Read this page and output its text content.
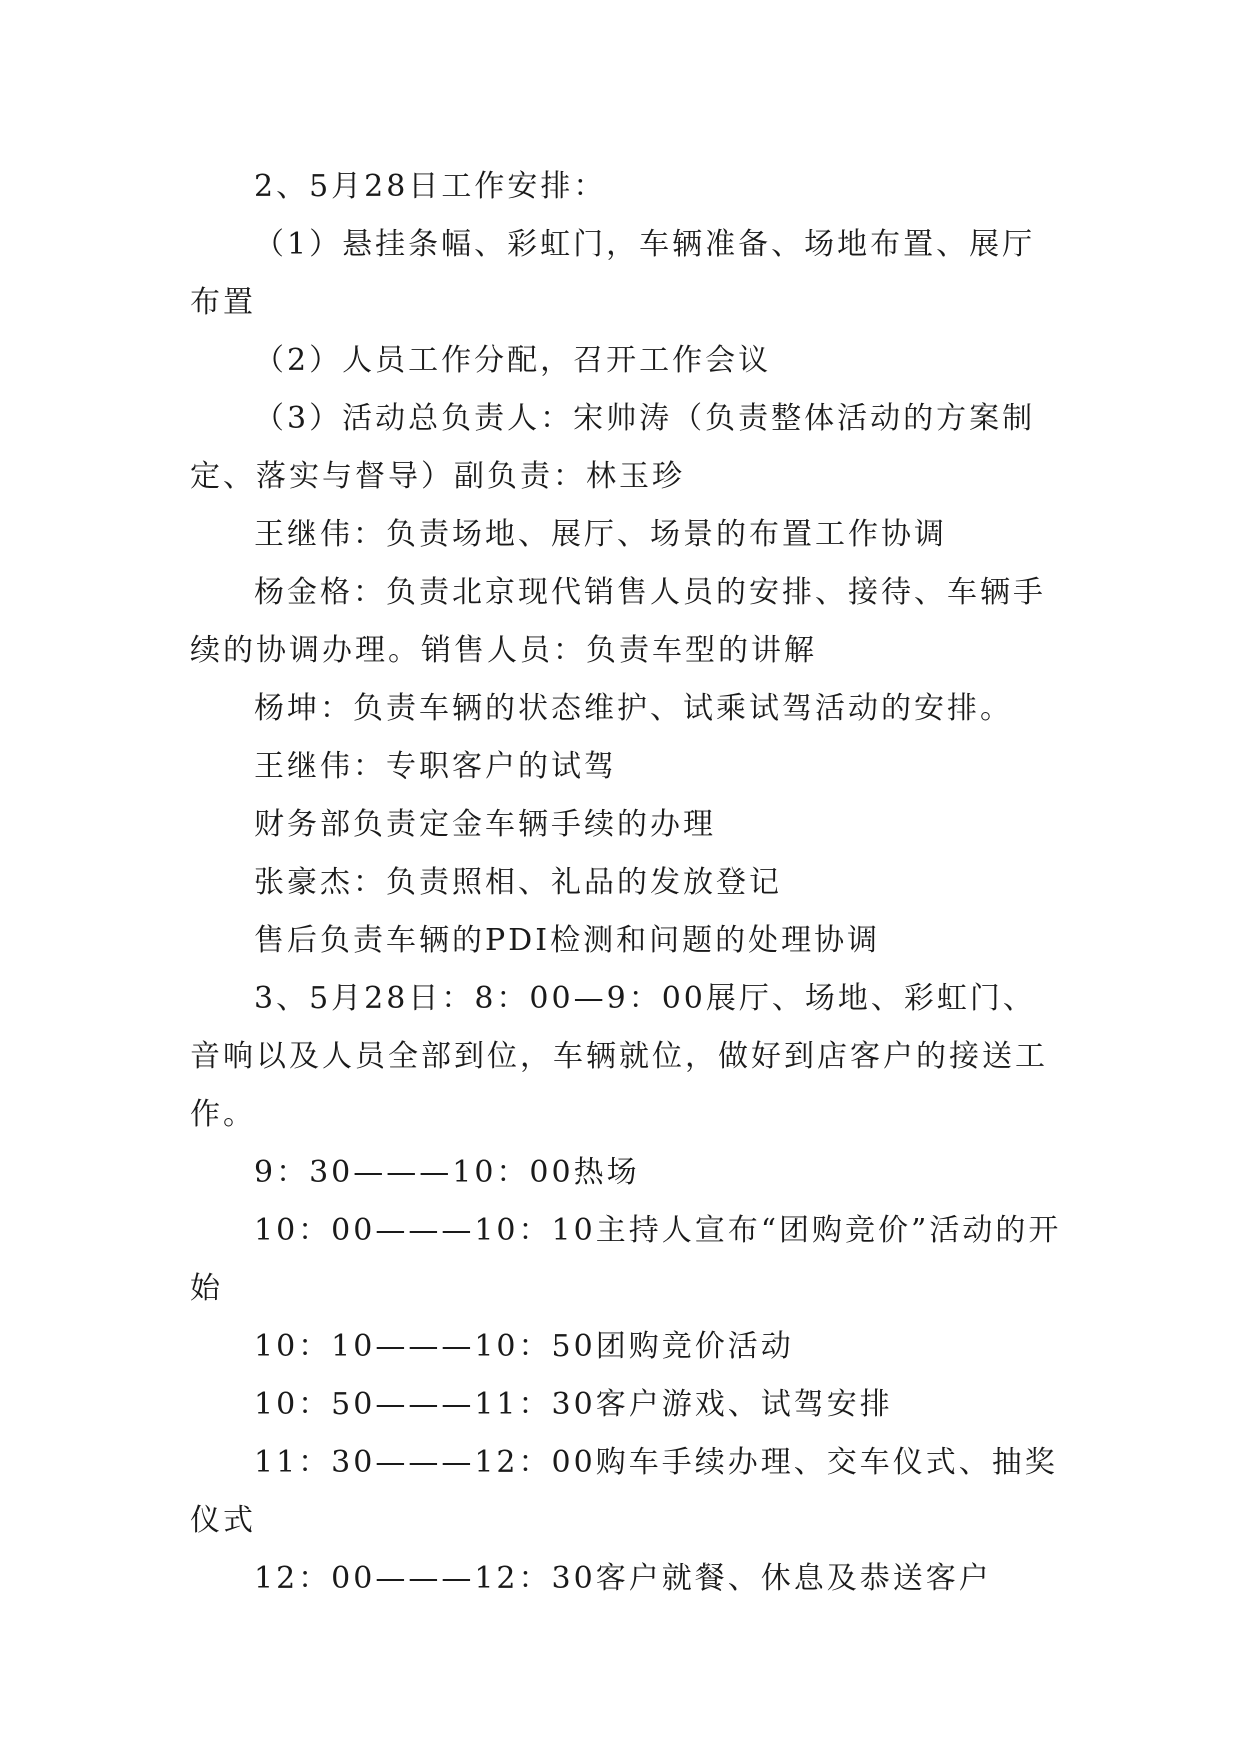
2、5月28日工作安排：

（1）悬挂条幅、彩虹门，车辆准备、场地布置、展厅布置

（2）人员工作分配，召开工作会议

（3）活动总负责人：宋帅涛（负责整体活动的方案制定、落实与督导）副负责：林玉珍

王继伟：负责场地、展厅、场景的布置工作协调

杨金格：负责北京现代销售人员的安排、接待、车辆手续的协调办理。销售人员：负责车型的讲解

杨坤：负责车辆的状态维护、试乘试驾活动的安排。

王继伟：专职客户的试驾

财务部负责定金车辆手续的办理

张豪杰：负责照相、礼品的发放登记

售后负责车辆的PDI检测和问题的处理协调

3、5月28日：8：00—9：00展厅、场地、彩虹门、音响以及人员全部到位，车辆就位，做好到店客户的接送工作。

9：30———10：00热场

10：00———10：10主持人宣布“团购竞价”活动的开始

10：10———10：50团购竞价活动

10：50———11：30客户游戏、试驾安排

11：30———12：00购车手续办理、交车仪式、抽奖仪式

12：00———12：30客户就餐、休息及恭送客户
